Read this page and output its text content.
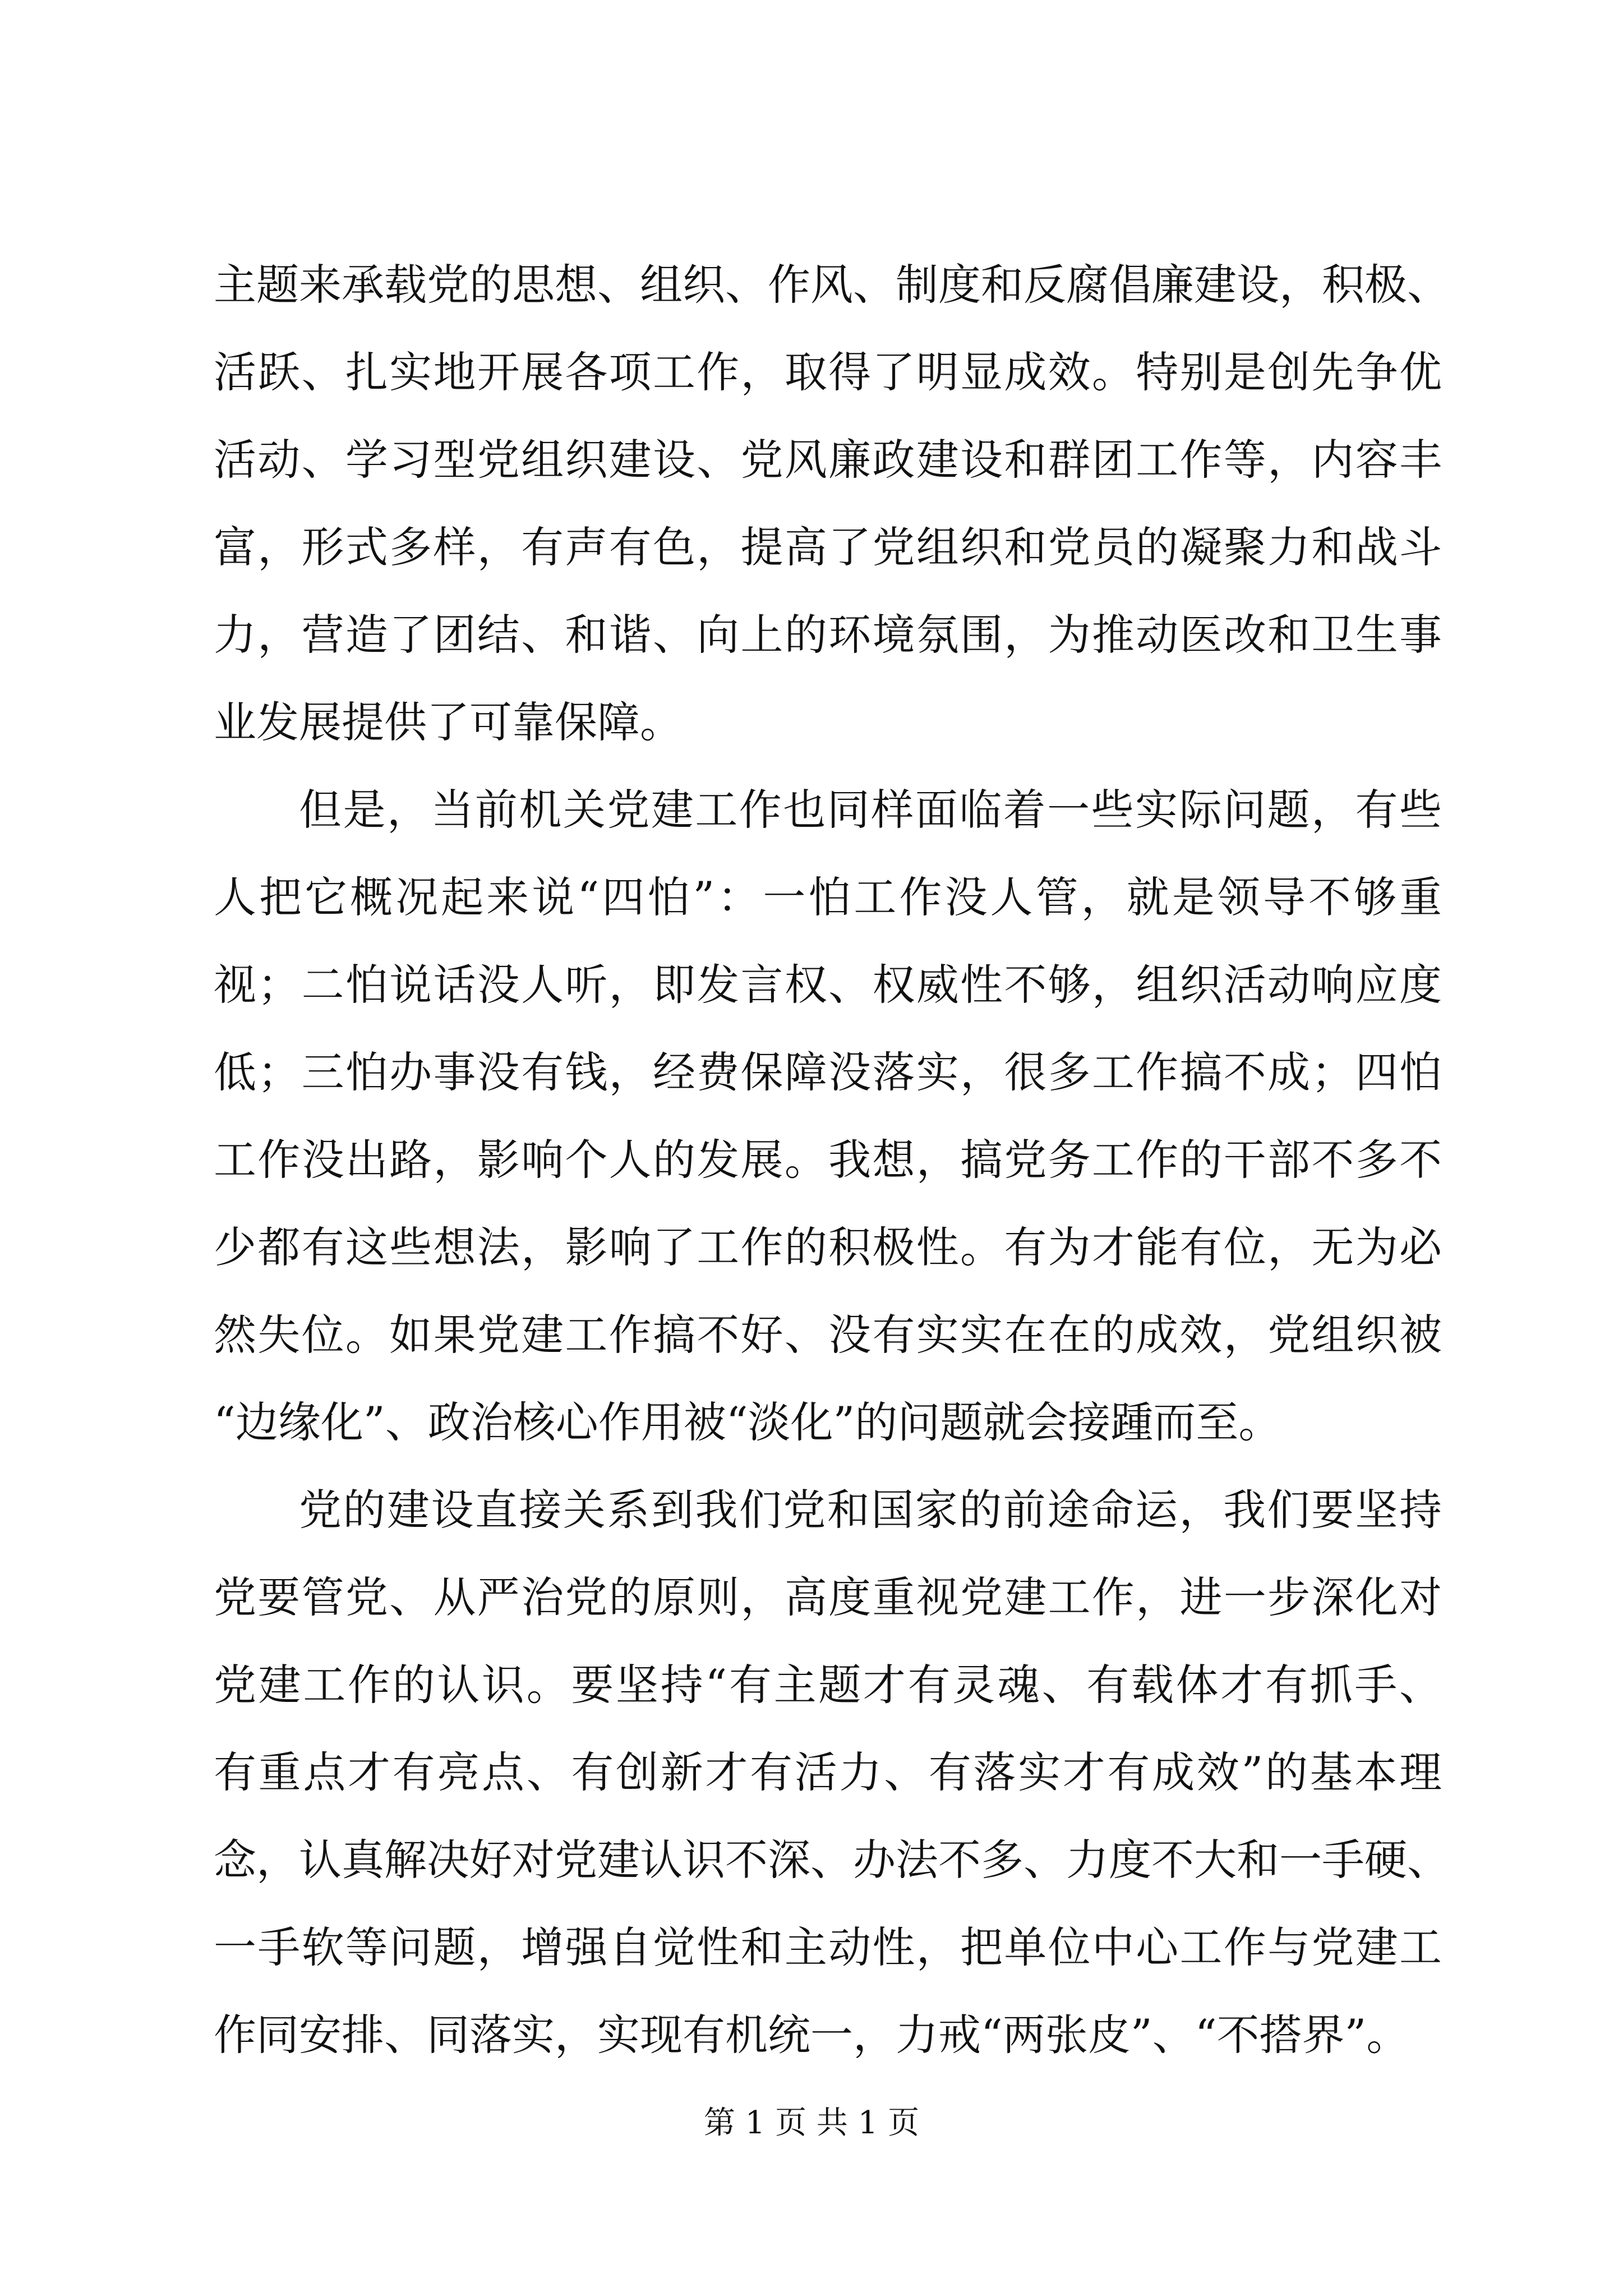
主题来承载党的思想、组织、作风、制度和反腐倡廉建设，积极、
活跃、扎实地开展各项工作，取得了明显成效。特别是创先争优
活动、学习型党组织建设、党风廉政建设和群团工作等，内容丰
富，形式多样，有声有色，提高了党组织和党员的凝聚力和战斗
力，营造了团结、和谐、向上的环境氛围，为推动医改和卫生事
业发展提供了可靠保障。
但是，当前机关党建工作也同样面临着一些实际问题，有些
人把它概况起来说“四怕”：一怕工作没人管，就是领导不够重
视；二怕说话没人听，即发言权、权威性不够，组织活动响应度
低；三怕办事没有钱，经费保障没落实，很多工作搞不成；四怕
工作没出路，影响个人的发展。我想，搞党务工作的干部不多不
少都有这些想法，影响了工作的积极性。有为才能有位，无为必
然失位。如果党建工作搞不好、没有实实在在的成效，党组织被
“边缘化”、政治核心作用被“淡化”的问题就会接踵而至。
党的建设直接关系到我们党和国家的前途命运，我们要坚持
党要管党、从严治党的原则，高度重视党建工作，进一步深化对
党建工作的认识。要坚持“有主题才有灵魂、有载体才有抓手、
有重点才有亮点、有创新才有活力、有落实才有成效”的基本理
念，认真解决好对党建认识不深、办法不多、力度不大和一手硬、
一手软等问题，增强自觉性和主动性，把单位中心工作与党建工
作同安排、同落实，实现有机统一，力戒“两张皮”、“不搭界”。
第 1 页 共 1 页
